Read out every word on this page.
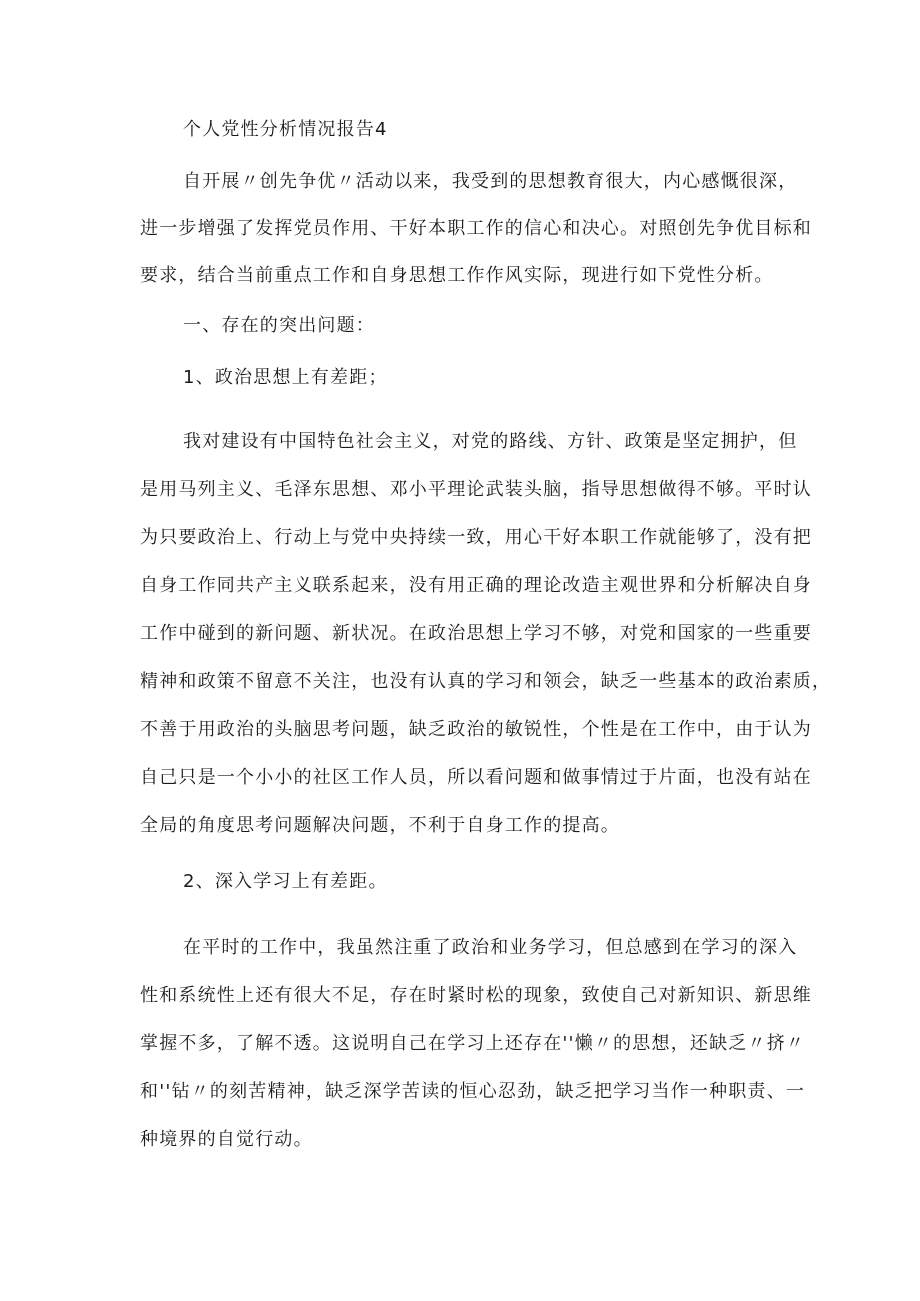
个人党性分析情况报告4

自开展〃创先争优〃活动以来，我受到的思想教育很大，内心感慨很深，

进一步增强了发挥党员作用、干好本职工作的信心和决心。对照创先争优目标和

要求，结合当前重点工作和自身思想工作作风实际，现进行如下党性分析。

一、存在的突出问题：

1、政治思想上有差距；

我对建设有中国特色社会主义，对党的路线、方针、政策是坚定拥护，但

是用马列主义、毛泽东思想、邓小平理论武装头脑，指导思想做得不够。平时认

为只要政治上、行动上与党中央持续一致，用心干好本职工作就能够了，没有把

自身工作同共产主义联系起来，没有用正确的理论改造主观世界和分析解决自身

工作中碰到的新问题、新状况。在政治思想上学习不够，对党和国家的一些重要

精神和政策不留意不关注，也没有认真的学习和领会，缺乏一些基本的政治素质，

不善于用政治的头脑思考问题，缺乏政治的敏锐性，个性是在工作中，由于认为

自己只是一个小小的社区工作人员，所以看问题和做事情过于片面，也没有站在

全局的角度思考问题解决问题，不利于自身工作的提高。

2、深入学习上有差距。

在平时的工作中，我虽然注重了政治和业务学习，但总感到在学习的深入

性和系统性上还有很大不足，存在时紧时松的现象，致使自己对新知识、新思维

掌握不多，了解不透。这说明自己在学习上还存在''懒〃的思想，还缺乏〃挤〃

和''钻〃的刻苦精神，缺乏深学苦读的恒心忍劲，缺乏把学习当作一种职责、一

种境界的自觉行动。
